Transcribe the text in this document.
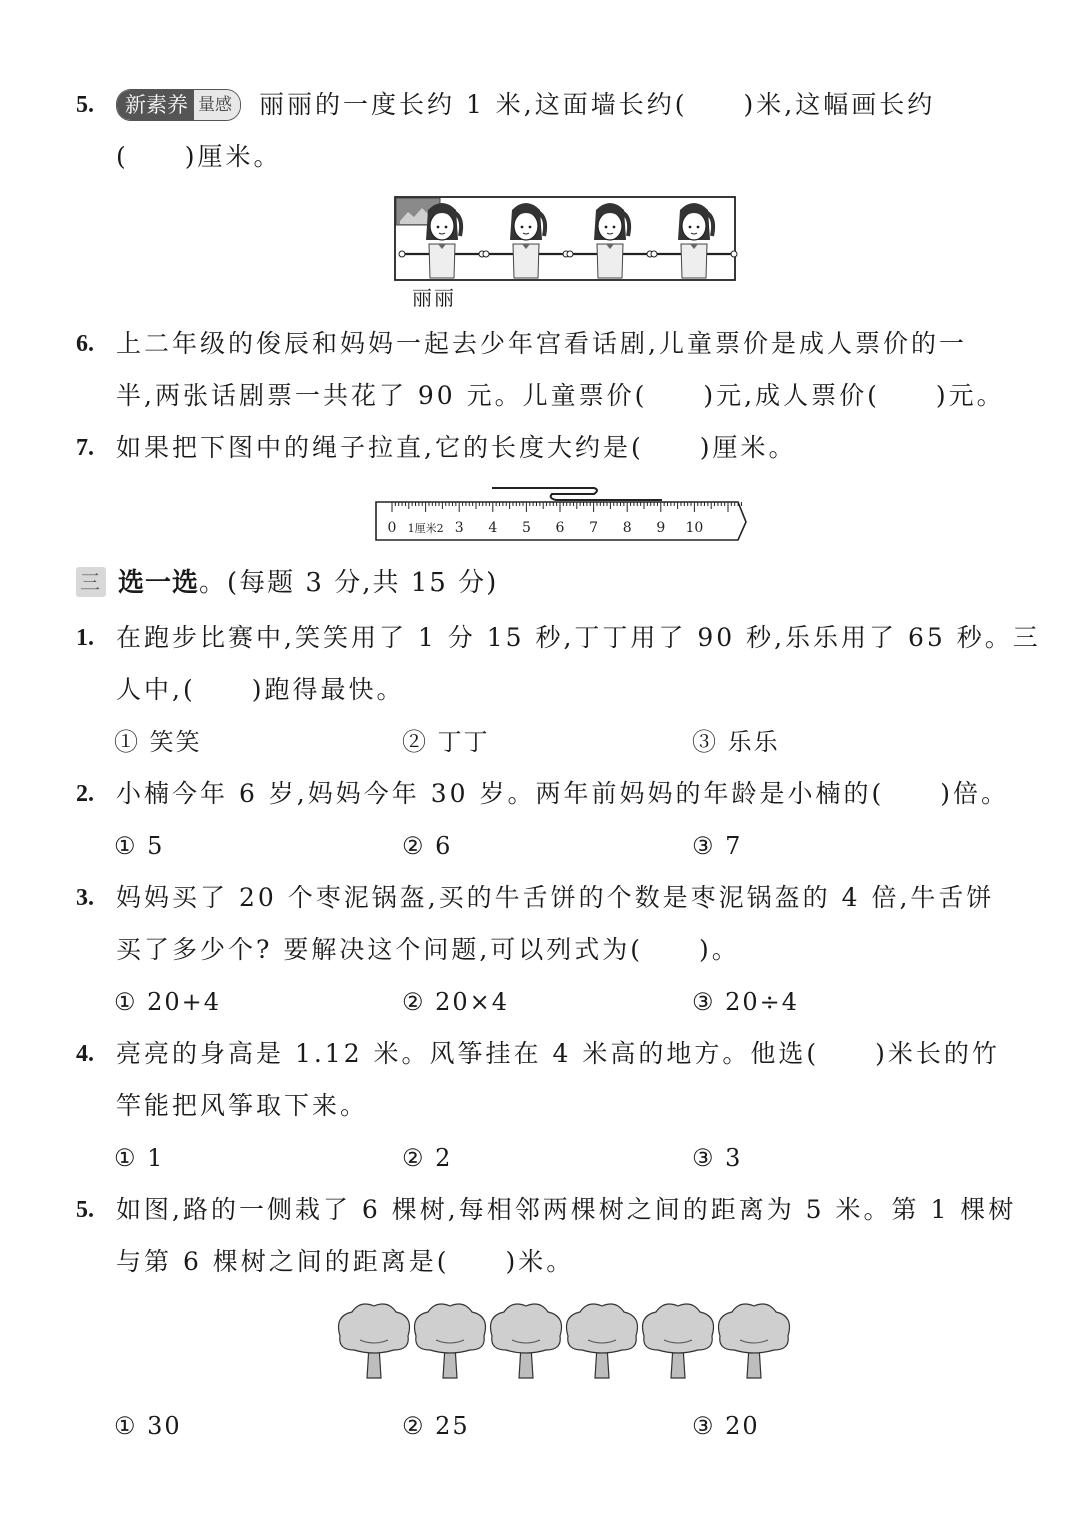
5.	新素养 量感	丽丽的一度长约 1 米,这面墙长约(　　)米,这幅画长约
(　　)厘米。
丽丽
6. 上二年级的俊辰和妈妈一起去少年宫看话剧,儿童票价是成人票价的一
半,两张话剧票一共花了 90 元。儿童票价(　　)元,成人票价(　　)元。
7. 如果把下图中的绳子拉直,它的长度大约是(　　)厘米。
0 1厘米2 3 4 5 6 7 8 9 10
三 选一选。(每题 3 分,共 15 分)
1. 在跑步比赛中,笑笑用了 1 分 15 秒,丁丁用了 90 秒,乐乐用了 65 秒。三
人中,(　　)跑得最快。
① 笑笑	② 丁丁	③ 乐乐
2. 小楠今年 6 岁,妈妈今年 30 岁。两年前妈妈的年龄是小楠的(　　)倍。
① 5	② 6	③ 7
3. 妈妈买了 20 个枣泥锅盔,买的牛舌饼的个数是枣泥锅盔的 4 倍,牛舌饼
买了多少个? 要解决这个问题,可以列式为(　　)。
① 20+4	② 20×4	③ 20÷4
4. 亮亮的身高是 1.12 米。风筝挂在 4 米高的地方。他选(　　)米长的竹
竿能把风筝取下来。
① 1	② 2	③ 3
5. 如图,路的一侧栽了 6 棵树,每相邻两棵树之间的距离为 5 米。第 1 棵树
与第 6 棵树之间的距离是(　　)米。
① 30	② 25	③ 20
